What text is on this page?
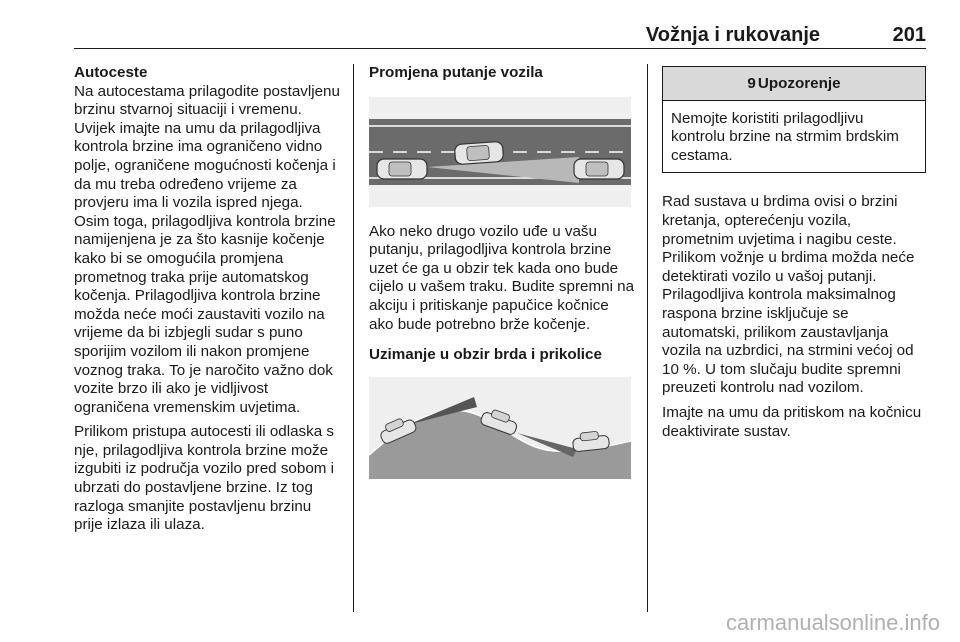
Vožnja i rukovanje	201

Autoceste

Na autocestama prilagodite postavljenu brzinu stvarnoj situaciji i vremenu. Uvijek imajte na umu da prilagodljiva kontrola brzine ima ograničeno vidno polje, ograničene mogućnosti kočenja i da mu treba određeno vrijeme za provjeru ima li vozila ispred njega. Osim toga, prilagodljiva kontrola brzine namijenjena je za što kasnije kočenje kako bi se omogućila promjena prometnog traka prije automatskog kočenja. Prilagodljiva kontrola brzine možda neće moći zaustaviti vozilo na vrijeme da bi izbjegli sudar s puno sporijim vozilom ili nakon promjene voznog traka. To je naročito važno dok vozite brzo ili ako je vidljivost ograničena vremenskim uvjetima.

Prilikom pristupa autocesti ili odlaska s nje, prilagodljiva kontrola brzine može izgubiti iz područja vozilo pred sobom i ubrzati do postavljene brzine. Iz tog razloga smanjite postavljenu brzinu prije izlaza ili ulaza.

Promjena putanje vozila

Ako neko drugo vozilo uđe u vašu putanju, prilagodljiva kontrola brzine uzet će ga u obzir tek kada ono bude cijelo u vašem traku. Budite spremni na akciju i pritiskanje papučice kočnice ako bude potrebno brže kočenje.

Uzimanje u obzir brda i prikolice

9 Upozorenje
Nemojte koristiti prilagodljivu kontrolu brzine na strmim brdskim cestama.

Rad sustava u brdima ovisi o brzini kretanja, opterećenju vozila, prometnim uvjetima i nagibu ceste. Prilikom vožnje u brdima možda neće detektirati vozilo u vašoj putanji. Prilagodljiva kontrola maksimalnog raspona brzine isključuje se automatski, prilikom zaustavljanja vozila na uzbrdici, na strmini većoj od 10 %. U tom slučaju budite spremni preuzeti kontrolu nad vozilom.

Imajte na umu da pritiskom na kočnicu deaktivirate sustav.

carmanualsonline.info
